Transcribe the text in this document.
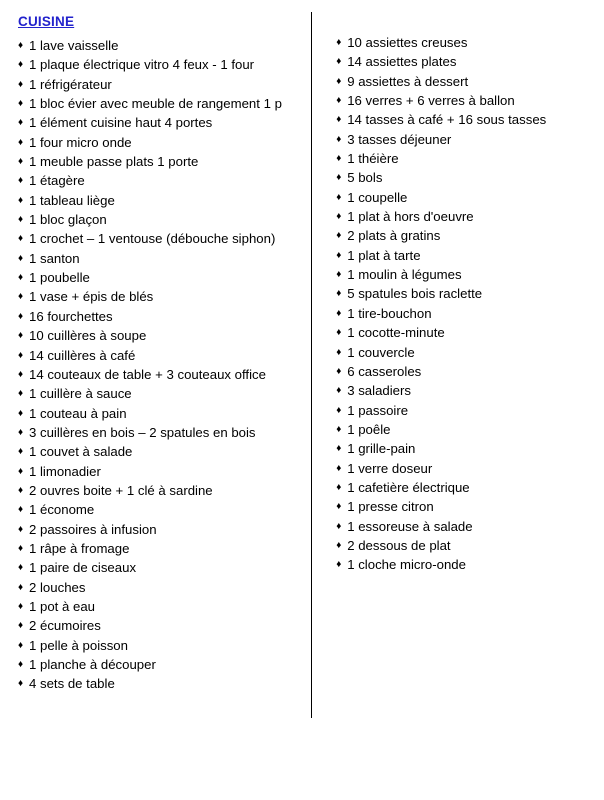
CUISINE
♦ 1 lave vaisselle
♦ 1 plaque électrique vitro 4 feux - 1 four
♦ 1 réfrigérateur
♦ 1 bloc évier avec meuble de rangement 1 p
♦ 1 élément cuisine haut 4 portes
♦ 1 four micro onde
♦ 1 meuble passe plats 1 porte
♦ 1 étagère
♦ 1 tableau liège
♦ 1 bloc glaçon
♦ 1 crochet – 1 ventouse (débouche siphon)
♦ 1 santon
♦ 1 poubelle
♦ 1 vase + épis de blés
♦ 16 fourchettes
♦ 10 cuillères à soupe
♦ 14 cuillères à café
♦ 14 couteaux de table + 3 couteaux office
♦ 1 cuillère à sauce
♦ 1 couteau à pain
♦ 3 cuillères en bois – 2 spatules en bois
♦ 1 couvet à salade
♦ 1 limonadier
♦ 2 ouvres boite + 1 clé à sardine
♦ 1 économe
♦ 2 passoires à infusion
♦ 1 râpe à fromage
♦ 1 paire de ciseaux
♦ 2 louches
♦ 1 pot à eau
♦ 2 écumoires
♦ 1 pelle à poisson
♦ 1 planche à découper
♦ 4 sets de table
♦ 10 assiettes creuses
♦ 14 assiettes plates
♦ 9 assiettes à dessert
♦ 16 verres + 6 verres à ballon
♦ 14 tasses à café + 16 sous tasses
♦ 3 tasses déjeuner
♦ 1 théière
♦ 5 bols
♦ 1 coupelle
♦ 1 plat à hors d'oeuvre
♦ 2 plats à gratins
♦ 1 plat à tarte
♦ 1 moulin à légumes
♦ 5 spatules bois raclette
♦ 1 tire-bouchon
♦ 1 cocotte-minute
♦ 1 couvercle
♦ 6 casseroles
♦ 3 saladiers
♦ 1 passoire
♦ 1 poêle
♦ 1 grille-pain
♦ 1 verre doseur
♦ 1 cafetière électrique
♦ 1 presse citron
♦ 1 essoreuse à salade
♦ 2 dessous de plat
♦ 1 cloche micro-onde
